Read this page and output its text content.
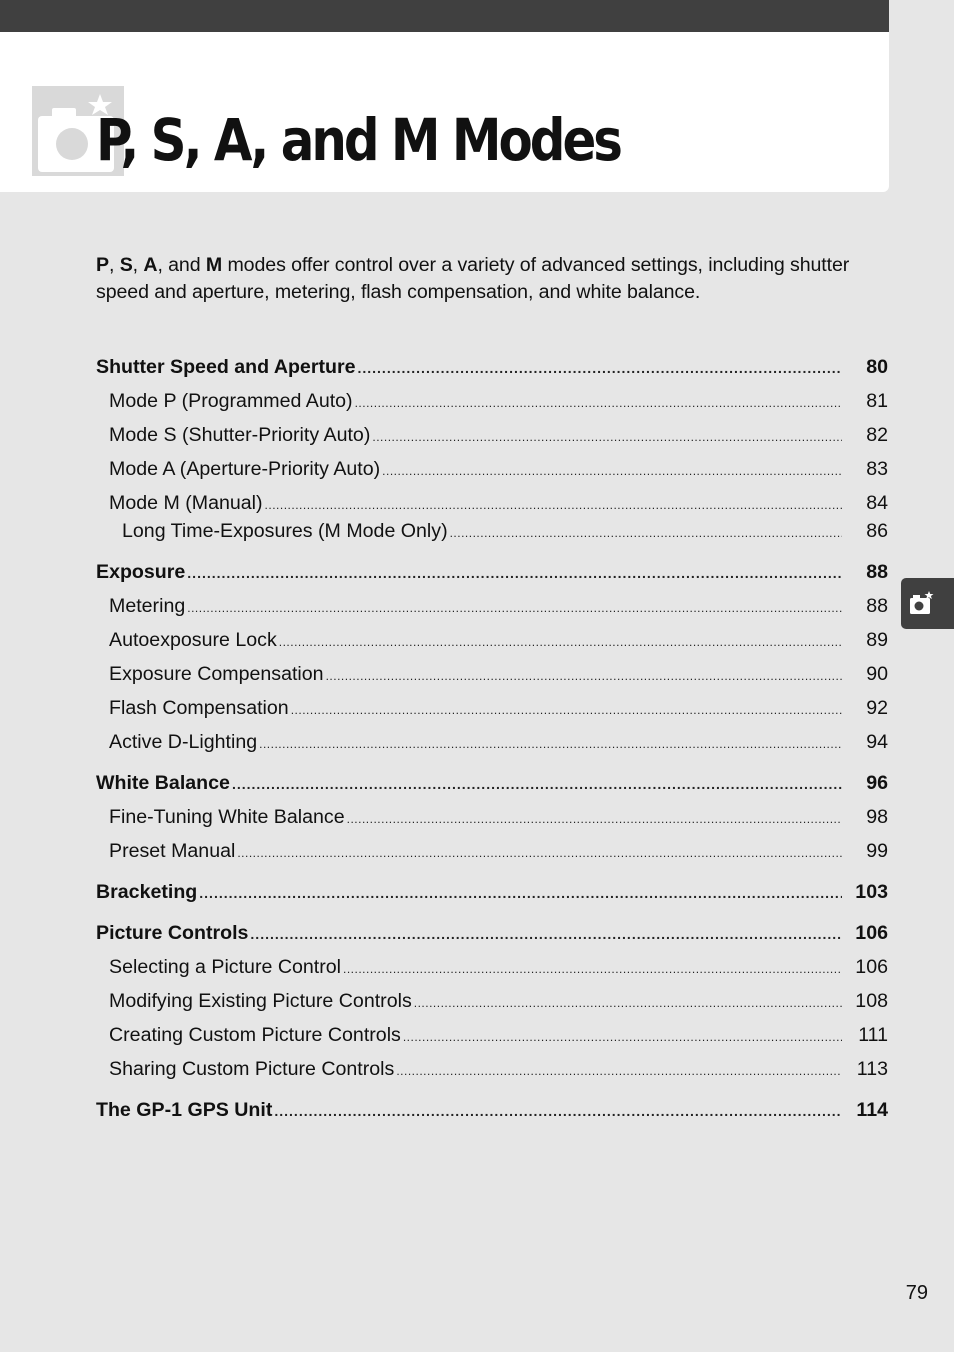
P, S, A, and M Modes

P, S, A, and M modes offer control over a variety of advanced settings, including shutter speed and aperture, metering, flash compensation, and white balance.

Shutter Speed and Aperture .....	80
Mode P (Programmed Auto) .....	81
Mode S (Shutter-Priority Auto) .....	82
Mode A (Aperture-Priority Auto) .....	83
Mode M (Manual) .....	84
Long Time-Exposures (M Mode Only) .....	86
Exposure .....	88
Metering .....	88
Autoexposure Lock .....	89
Exposure Compensation .....	90
Flash Compensation .....	92
Active D-Lighting .....	94
White Balance .....	96
Fine-Tuning White Balance .....	98
Preset Manual .....	99
Bracketing .....	103
Picture Controls .....	106
Selecting a Picture Control .....	106
Modifying Existing Picture Controls .....	108
Creating Custom Picture Controls .....	111
Sharing Custom Picture Controls .....	113
The GP-1 GPS Unit .....	114
79
